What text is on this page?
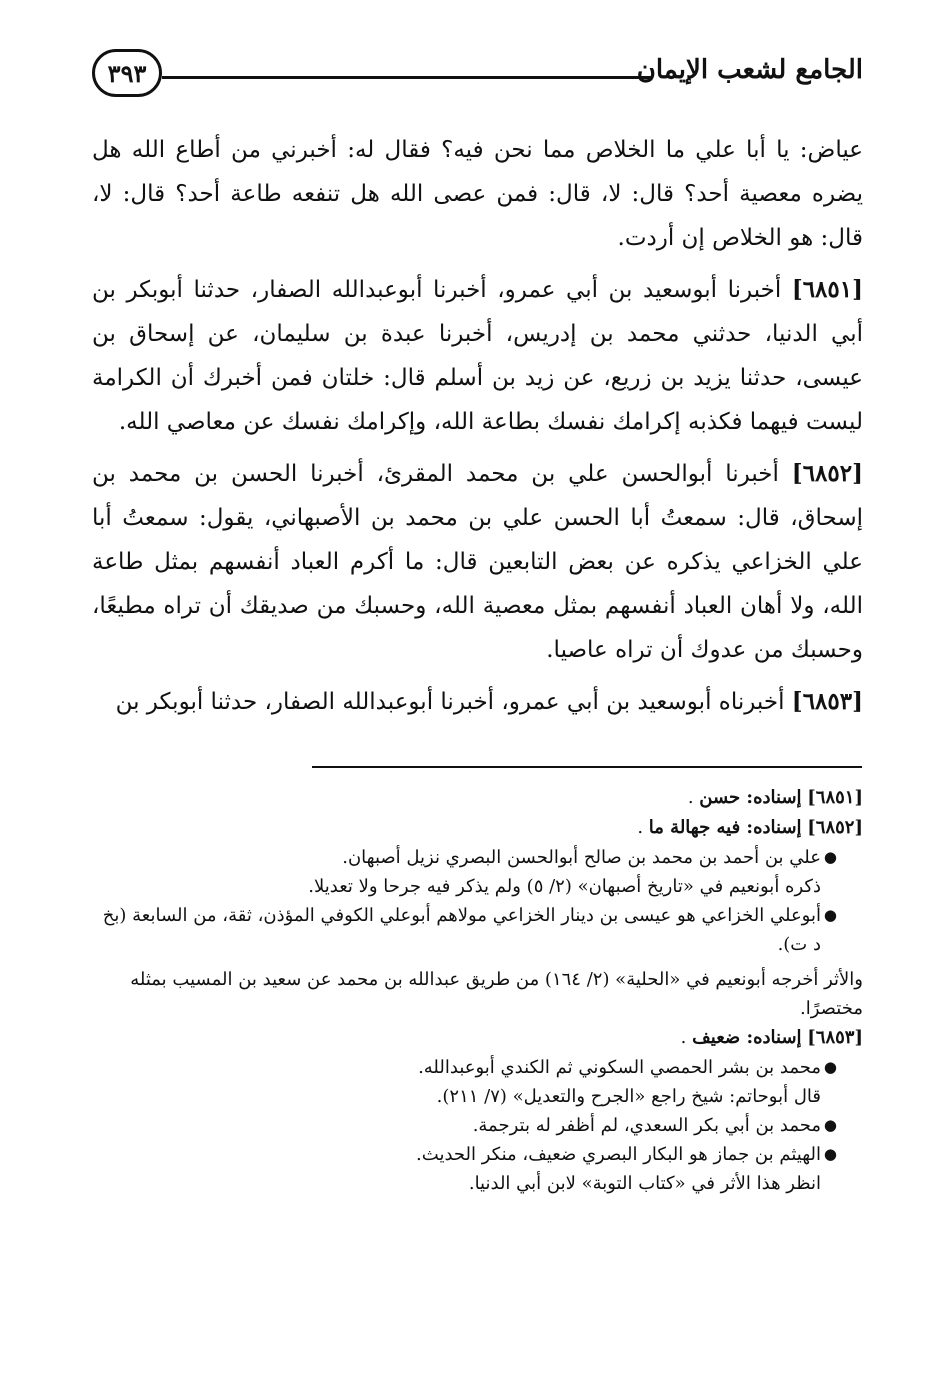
الجامع لشعب الإيمان
٣٩٣

عياض: يا أبا علي ما الخلاص مما نحن فيه؟ فقال له: أخبرني من أطاع الله هل يضره معصية أحد؟ قال: لا، قال: فمن عصى الله هل تنفعه طاعة أحد؟ قال: لا، قال: هو الخلاص إن أردت.

[٦٨٥١] أخبرنا أبوسعيد بن أبي عمرو، أخبرنا أبوعبدالله الصفار، حدثنا أبوبكر بن أبي الدنيا، حدثني محمد بن إدريس، أخبرنا عبدة بن سليمان، عن إسحاق بن عيسى، حدثنا يزيد بن زريع، عن زيد بن أسلم قال: خلتان فمن أخبرك أن الكرامة ليست فيهما فكذبه إكرامك نفسك بطاعة الله، وإكرامك نفسك عن معاصي الله.

[٦٨٥٢] أخبرنا أبوالحسن علي بن محمد المقرئ، أخبرنا الحسن بن محمد بن إسحاق، قال: سمعتُ أبا الحسن علي بن محمد بن الأصبهاني، يقول: سمعتُ أبا علي الخزاعي يذكره عن بعض التابعين قال: ما أكرم العباد أنفسهم بمثل طاعة الله، ولا أهان العباد أنفسهم بمثل معصية الله، وحسبك من صديقك أن تراه مطيعًا، وحسبك من عدوك أن تراه عاصيا.

[٦٨٥٣] أخبرناه أبوسعيد بن أبي عمرو، أخبرنا أبوعبدالله الصفار، حدثنا أبوبكر بن

[٦٨٥١] إسناده: حسن .

[٦٨٥٢] إسناده: فيه جهالة ما .

●
علي بن أحمد بن محمد بن صالح أبوالحسن البصري نزيل أصبهان.

ذكره أبونعيم في «تاريخ أصبهان» (٢/ ٥) ولم يذكر فيه جرحا ولا تعديلا.

●
أبوعلي الخزاعي هو عيسى بن دينار الخزاعي مولاهم أبوعلي الكوفي المؤذن، ثقة، من السابعة (بخ د ت).

والأثر أخرجه أبونعيم في «الحلية» (٢/ ١٦٤) من طريق عبدالله بن محمد عن سعيد بن المسيب بمثله مختصرًا.

[٦٨٥٣] إسناده: ضعيف .

●
محمد بن بشر الحمصي السكوني ثم الكندي أبوعبدالله.

قال أبوحاتم: شيخ راجع «الجرح والتعديل» (٧/ ٢١١).

●
محمد بن أبي بكر السعدي، لم أظفر له بترجمة.
●
الهيثم بن جماز هو البكار البصري ضعيف، منكر الحديث.

انظر هذا الأثر في «كتاب التوبة» لابن أبي الدنيا.
